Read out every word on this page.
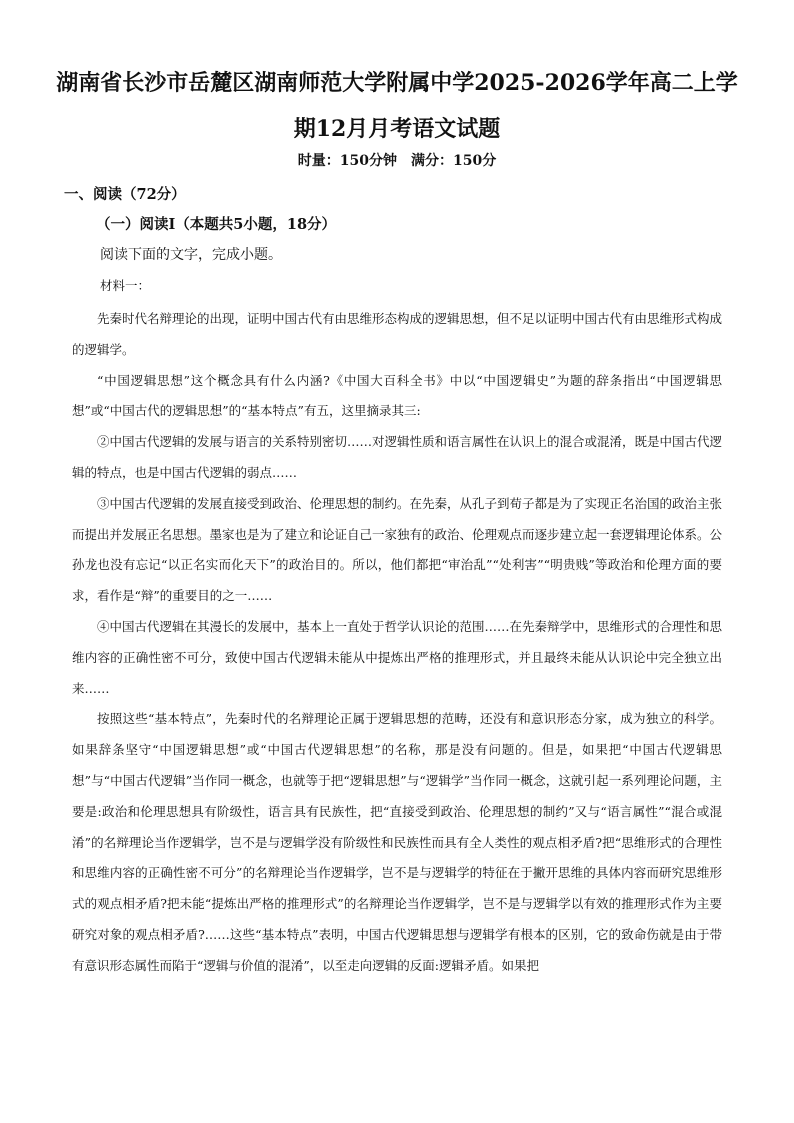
湖南省长沙市岳麓区湖南师范大学附属中学2025-2026学年高二上学
期12月月考语文试题
时量：150分钟　满分：150分
一、阅读（72分）
（一）阅读Ⅰ（本题共5小题，18分）
阅读下面的文字，完成小题。
材料一：

先秦时代名辩理论的出现，证明中国古代有由思维形态构成的逻辑思想，但不足以证明中国古代有由思维形式构成的逻辑学。

“中国逻辑思想”这个概念具有什么内涵?《中国大百科全书》中以“中国逻辑史”为题的辞条指出“中国逻辑思想”或“中国古代的逻辑思想”的“基本特点”有五，这里摘录其三:

②中国古代逻辑的发展与语言的关系特别密切……对逻辑性质和语言属性在认识上的混合或混淆，既是中国古代逻辑的特点，也是中国古代逻辑的弱点……

③中国古代逻辑的发展直接受到政治、伦理思想的制约。在先秦，从孔子到荀子都是为了实现正名治国的政治主张而提出并发展正名思想。墨家也是为了建立和论证自己一家独有的政治、伦理观点而逐步建立起一套逻辑理论体系。公孙龙也没有忘记“以正名实而化天下”的政治目的。所以，他们都把“审治乱”“处利害”“明贵贱”等政治和伦理方面的要求，看作是“辩”的重要目的之一……

④中国古代逻辑在其漫长的发展中，基本上一直处于哲学认识论的范围……在先秦辩学中，思维形式的合理性和思维内容的正确性密不可分，致使中国古代逻辑未能从中提炼出严格的推理形式，并且最终未能从认识论中完全独立出来……

按照这些“基本特点”，先秦时代的名辩理论正属于逻辑思想的范畴，还没有和意识形态分家，成为独立的科学。如果辞条坚守“中国逻辑思想”或“中国古代逻辑思想”的名称，那是没有问题的。但是，如果把“中国古代逻辑思想”与“中国古代逻辑”当作同一概念，也就等于把“逻辑思想”与“逻辑学”当作同一概念，这就引起一系列理论问题，主要是:政治和伦理思想具有阶级性，语言具有民族性，把“直接受到政治、伦理思想的制约”又与“语言属性”“混合或混淆”的名辩理论当作逻辑学，岂不是与逻辑学没有阶级性和民族性而具有全人类性的观点相矛盾?把“思维形式的合理性和思维内容的正确性密不可分”的名辩理论当作逻辑学，岂不是与逻辑学的特征在于撇开思维的具体内容而研究思维形式的观点相矛盾?把未能“提炼出严格的推理形式”的名辩理论当作逻辑学，岂不是与逻辑学以有效的推理形式作为主要研究对象的观点相矛盾?……这些“基本特点”表明，中国古代逻辑思想与逻辑学有根本的区别，它的致命伤就是由于带有意识形态属性而陷于“逻辑与价值的混淆”，以至走向逻辑的反面:逻辑矛盾。如果把
